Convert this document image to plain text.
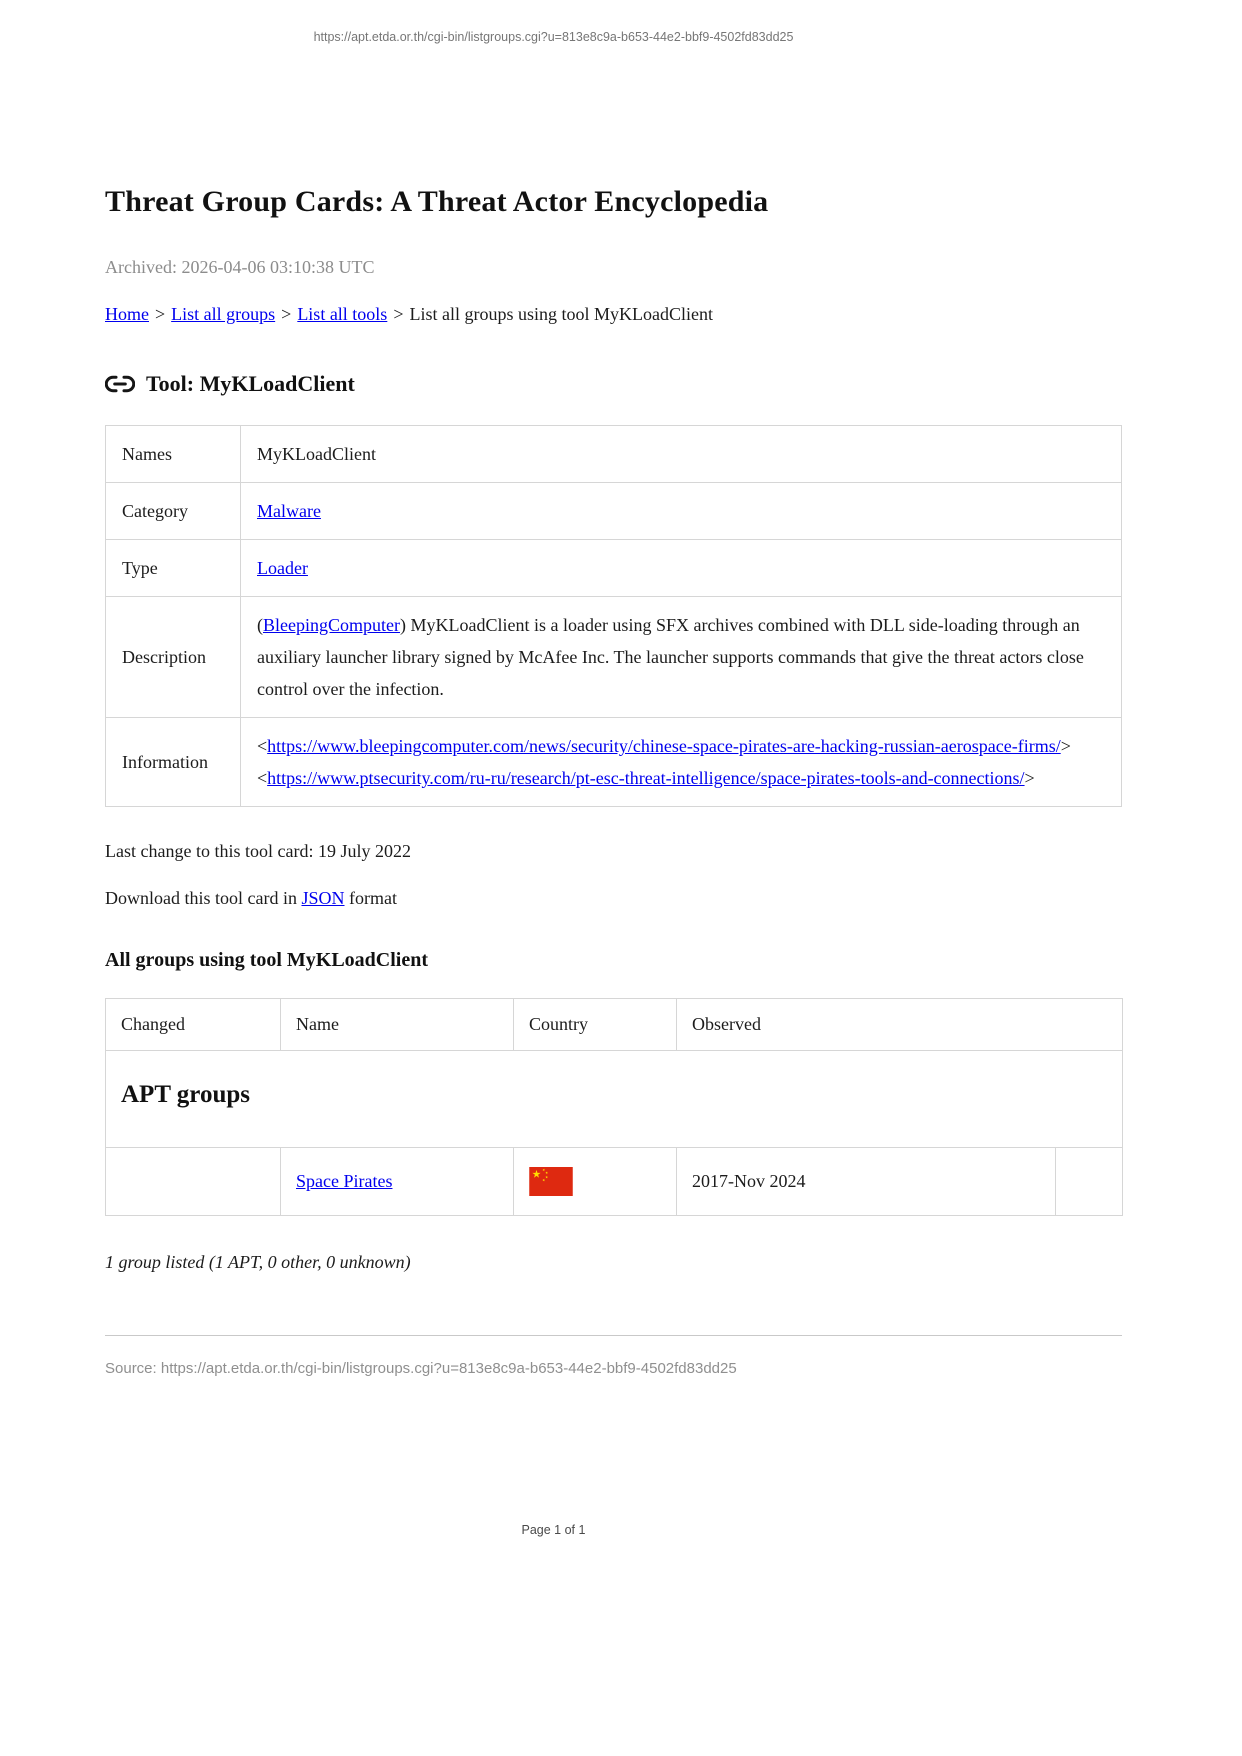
https://apt.etda.or.th/cgi-bin/listgroups.cgi?u=813e8c9a-b653-44e2-bbf9-4502fd83dd25
Threat Group Cards: A Threat Actor Encyclopedia

Archived: 2026-04-06 03:10:38 UTC

Home > List all groups > List all tools > List all groups using tool MyKLoadClient
Tool: MyKLoadClient
Names	MyKLoadClient
Category	Malware
Type	Loader
Description	(BleepingComputer) MyKLoadClient is a loader using SFX archives combined with DLL side-loading through an auxiliary launcher library signed by McAfee Inc. The launcher supports commands that give the threat actors close control over the infection.
Information	<https://www.bleepingcomputer.com/news/security/chinese-space-pirates-are-hacking-russian-aerospace-firms/>
<https://www.ptsecurity.com/ru-ru/research/pt-esc-threat-intelligence/space-pirates-tools-and-connections/>

Last change to this tool card: 19 July 2022

Download this tool card in JSON format

All groups using tool MyKLoadClient
Changed	Name	Country	Observed	
APT groups				
	Space Pirates		2017-Nov 2024	

1 group listed (1 APT, 0 other, 0 unknown)

Source: https://apt.etda.or.th/cgi-bin/listgroups.cgi?u=813e8c9a-b653-44e2-bbf9-4502fd83dd25

Page 1 of 1
